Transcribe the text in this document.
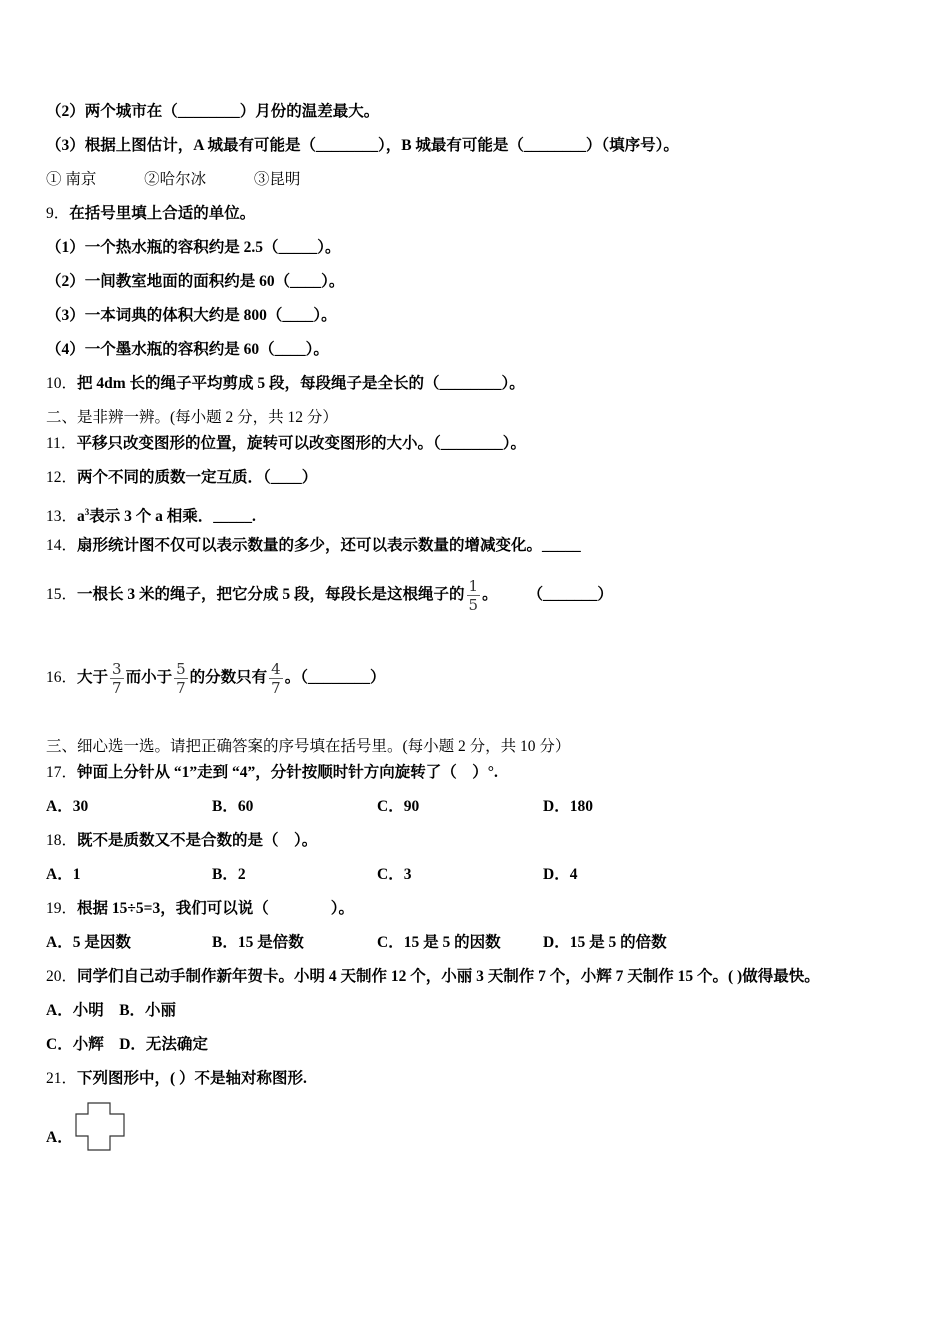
（2）两个城市在（________）月份的温差最大。
（3）根据上图估计，A 城最有可能是（________），B 城最有可能是（________）（填序号）。
① 南京	②哈尔冰	③昆明
9．在括号里填上合适的单位。
（1）一个热水瓶的容积约是 2.5（_____）。
（2）一间教室地面的面积约是 60（____）。
（3）一本词典的体积大约是 800（____）。
（4）一个墨水瓶的容积约是 60（____）。
10．把 4dm 长的绳子平均剪成 5 段，每段绳子是全长的（________）。
二、是非辨一辨。(每小题 2 分，共 12 分）
11．平移只改变图形的位置，旋转可以改变图形的大小。（________）。
12．两个不同的质数一定互质．（____）
13．$a^3$表示 3 个 a 相乘．_____.
14．扇形统计图不仅可以表示数量的多少，还可以表示数量的增减变化。_____
15．一根长 3 米的绳子，把它分成 5 段，每段长是这根绳子的 $\frac{1}{5}$ 。 （_______）
16．大于 $\frac{3}{7}$ 而小于 $\frac{5}{7}$ 的分数只有 $\frac{4}{7}$ 。（________）
三、细心选一选。请把正确答案的序号填在括号里。(每小题 2 分，共 10 分）
17．钟面上分针从 “1”走到 “4”，分针按顺时针方向旋转了（　）°.
A．30	B．60	C．90	D．180
18．既不是质数又不是合数的是（　）。
A．1	B．2	C．3	D．4
19．根据 15÷5=3，我们可以说（　　　　）。
A．5 是因数	B．15 是倍数	C．15 是 5 的因数	D．15 是 5 的倍数
20．同学们自己动手制作新年贺卡。小明 4 天制作 12 个，小丽 3 天制作 7 个，小辉 7 天制作 15 个。( )做得最快。
A．小明　B．小丽
C．小辉　D．无法确定
21．下列图形中，( ）不是轴对称图形.
A．
